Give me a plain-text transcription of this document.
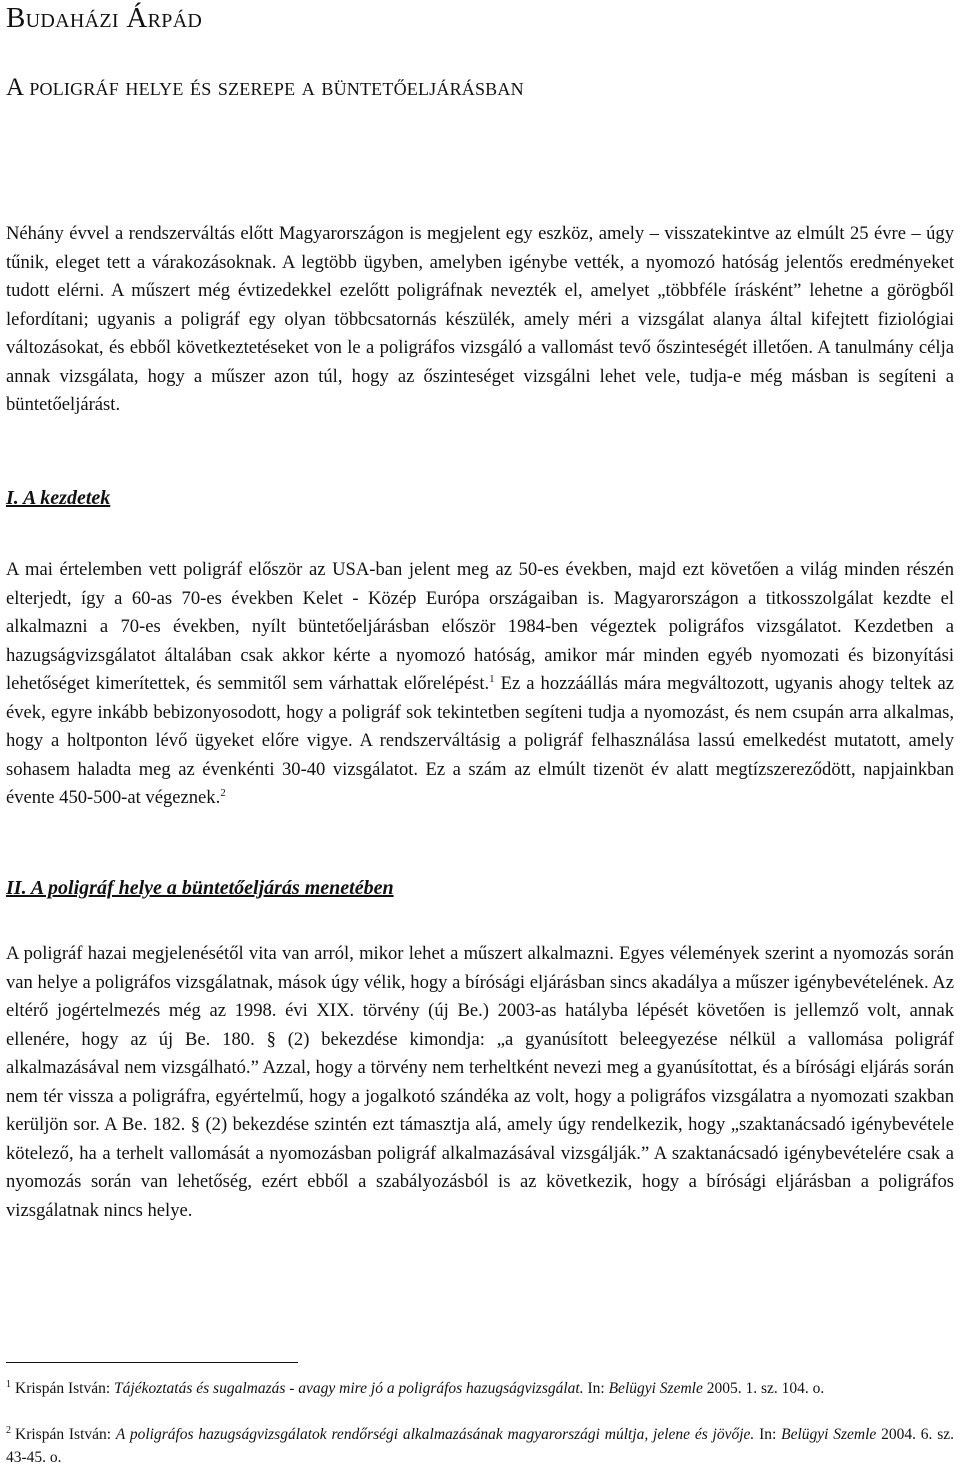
Budaházi Árpád
A poligráf helye és szerepe a büntetőeljárásban

Néhány évvel a rendszerváltás előtt Magyarországon is megjelent egy eszköz, amely – visszatekintve az elmúlt 25 évre – úgy tűnik, eleget tett a várakozásoknak. A legtöbb ügyben, amelyben igénybe vették, a nyomozó hatóság jelentős eredményeket tudott elérni. A műszert még évtizedekkel ezelőtt poligráfnak nevezték el, amelyet „többféle írásként” lehetne a görögből lefordítani; ugyanis a poligráf egy olyan többcsatornás készülék, amely méri a vizsgálat alanya által kifejtett fiziológiai változásokat, és ebből következtetéseket von le a poligráfos vizsgáló a vallomást tevő őszinteségét illetően. A tanulmány célja annak vizsgálata, hogy a műszer azon túl, hogy az őszinteséget vizsgálni lehet vele, tudja-e még másban is segíteni a büntetőeljárást.

I. A kezdetek

A mai értelemben vett poligráf először az USA-ban jelent meg az 50-es években, majd ezt követően a világ minden részén elterjedt, így a 60-as 70-es években Kelet - Közép Európa országaiban is. Magyarországon a titkosszolgálat kezdte el alkalmazni a 70-es években, nyílt büntetőeljárásban először 1984-ben végeztek poligráfos vizsgálatot. Kezdetben a hazugságvizsgálatot általában csak akkor kérte a nyomozó hatóság, amikor már minden egyéb nyomozati és bizonyítási lehetőséget kimerítettek, és semmitől sem várhattak előrelépést.$^1$ Ez a hozzáállás mára megváltozott, ugyanis ahogy teltek az évek, egyre inkább bebizonyosodott, hogy a poligráf sok tekintetben segíteni tudja a nyomozást, és nem csupán arra alkalmas, hogy a holtponton lévő ügyeket előre vigye. A rendszerváltásig a poligráf felhasználása lassú emelkedést mutatott, amely sohasem haladta meg az évenkénti 30-40 vizsgálatot. Ez a szám az elmúlt tizenöt év alatt megtízszereződött, napjainkban évente 450-500-at végeznek.$^2$

II. A poligráf helye a büntetőeljárás menetében

A poligráf hazai megjelenésétől vita van arról, mikor lehet a műszert alkalmazni. Egyes vélemények szerint a nyomozás során van helye a poligráfos vizsgálatnak, mások úgy vélik, hogy a bírósági eljárásban sincs akadálya a műszer igénybevételének. Az eltérő jogértelmezés még az 1998. évi XIX. törvény (új Be.) 2003-as hatályba lépését követően is jellemző volt, annak ellenére, hogy az új Be. 180. § (2) bekezdése kimondja: „a gyanúsított beleegyezése nélkül a vallomása poligráf alkalmazásával nem vizsgálható.” Azzal, hogy a törvény nem terheltként nevezi meg a gyanúsítottat, és a bírósági eljárás során nem tér vissza a poligráfra, egyértelmű, hogy a jogalkotó szándéka az volt, hogy a poligráfos vizsgálatra a nyomozati szakban kerüljön sor. A Be. 182. § (2) bekezdése szintén ezt támasztja alá, amely úgy rendelkezik, hogy „szaktanácsadó igénybevétele kötelező, ha a terhelt vallomását a nyomozásban poligráf alkalmazásával vizsgálják.” A szaktanácsadó igénybevételére csak a nyomozás során van lehetőség, ezért ebből a szabályozásból is az következik, hogy a bírósági eljárásban a poligráfos vizsgálatnak nincs helye.

$^1$ Krispán István: Tájékoztatás és sugalmazás - avagy mire jó a poligráfos hazugságvizsgálat. In: Belügyi Szemle 2005. 1. sz. 104. o.

$^2$ Krispán István: A poligráfos hazugságvizsgálatok rendőrségi alkalmazásának magyarországi múltja, jelene és jövője. In: Belügyi Szemle 2004. 6. sz. 43-45. o.
